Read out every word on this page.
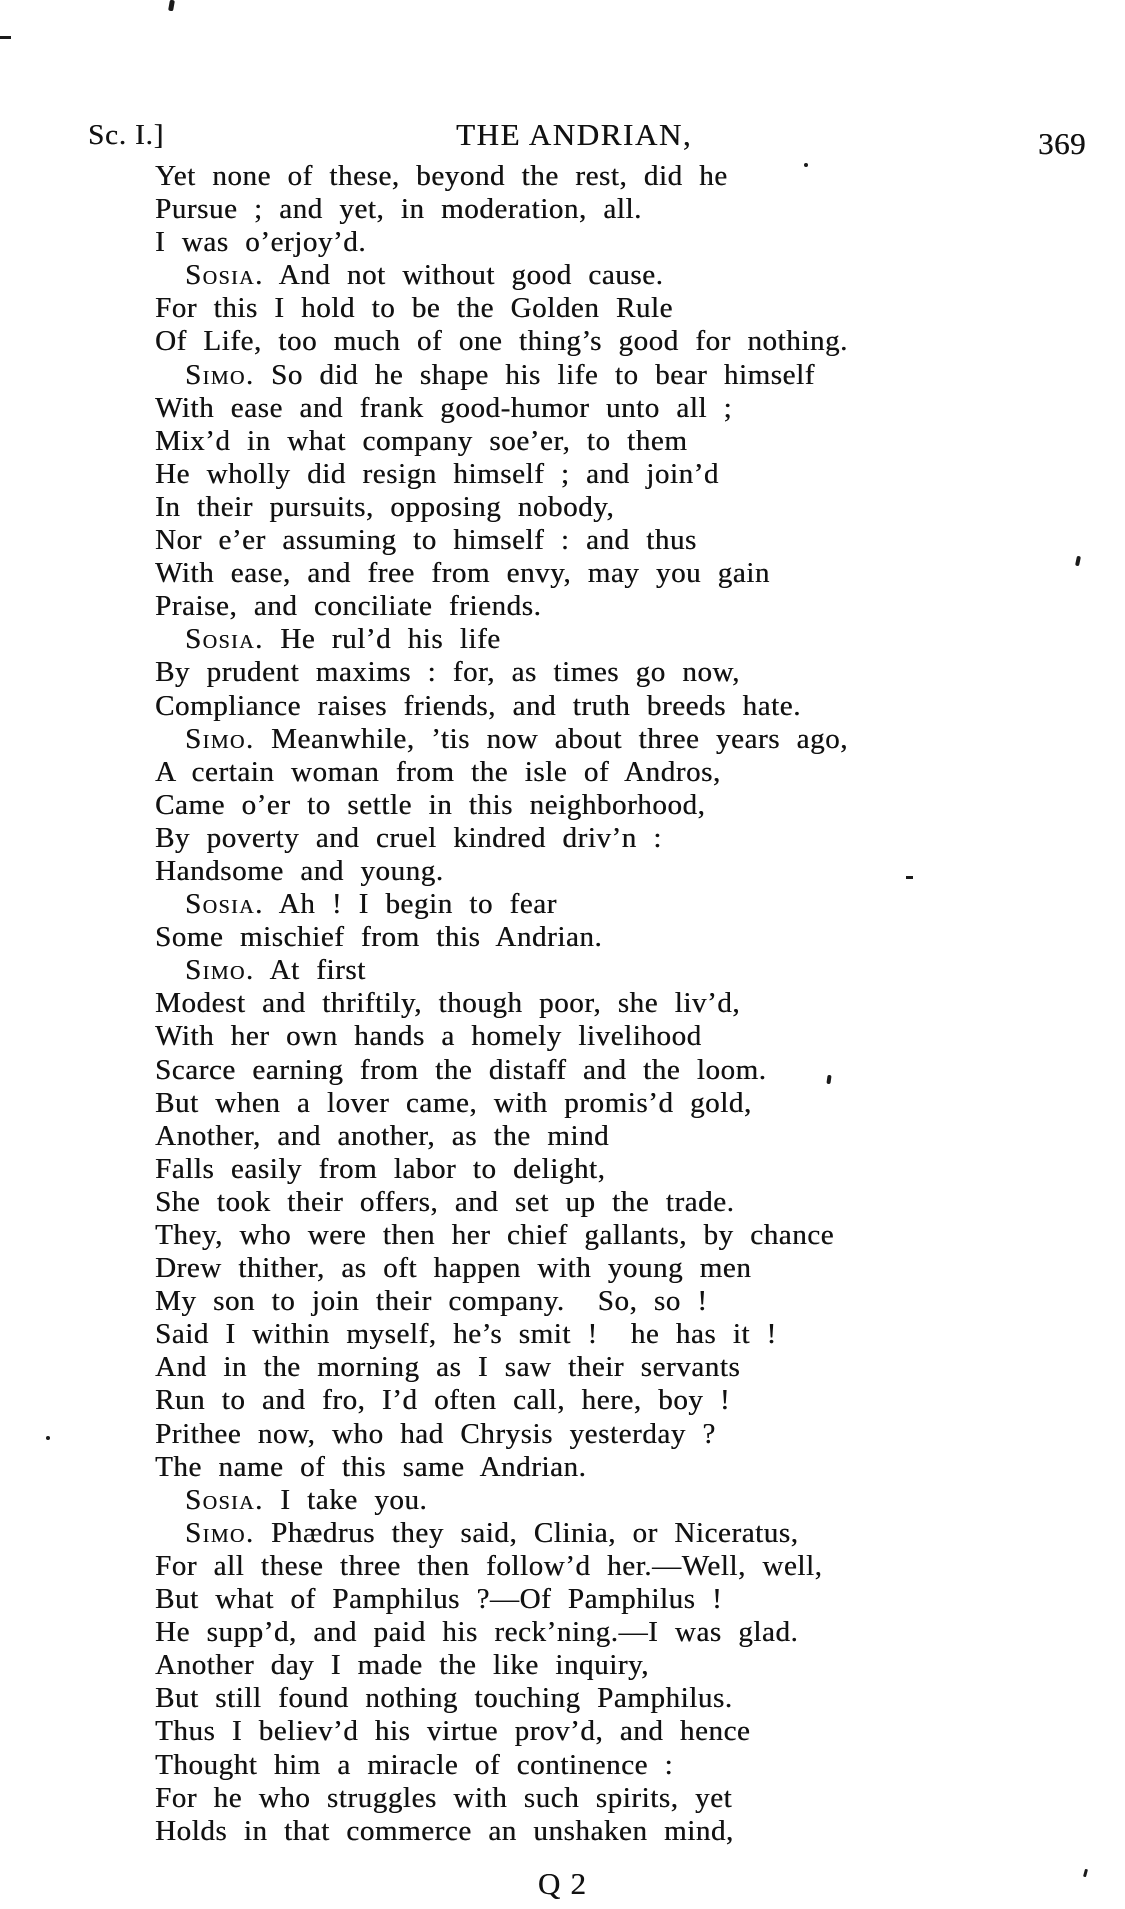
Sc. I.]	THE ANDRIAN,	369
Yet none of these, beyond the rest, did he
Pursue ; and yet, in moderation, all.
I was o’erjoy’d.
Sosia. And not without good cause.
For this I hold to be the Golden Rule
Of Life, too much of one thing’s good for nothing.
Simo. So did he shape his life to bear himself
With ease and frank good-humor unto all ;
Mix’d in what company soe’er, to them
He wholly did resign himself ; and join’d
In their pursuits, opposing nobody,
Nor e’er assuming to himself : and thus
With ease, and free from envy, may you gain
Praise, and conciliate friends.
Sosia. He rul’d his life
By prudent maxims : for, as times go now,
Compliance raises friends, and truth breeds hate.
Simo. Meanwhile, ’tis now about three years ago,
A certain woman from the isle of Andros,
Came o’er to settle in this neighborhood,
By poverty and cruel kindred driv’n :
Handsome and young.
Sosia. Ah ! I begin to fear
Some mischief from this Andrian.
Simo. At first
Modest and thriftily, though poor, she liv’d,
With her own hands a homely livelihood
Scarce earning from the distaff and the loom.
But when a lover came, with promis’d gold,
Another, and another, as the mind
Falls easily from labor to delight,
She took their offers, and set up the trade.
They, who were then her chief gallants, by chance
Drew thither, as oft happen with young men
My son to join their company.  So, so !
Said I within myself, he’s smit !  he has it !
And in the morning as I saw their servants
Run to and fro, I’d often call, here, boy !
Prithee now, who had Chrysis yesterday ?
The name of this same Andrian.
Sosia. I take you.
Simo. Phædrus they said, Clinia, or Niceratus,
For all these three then follow’d her.—Well, well,
But what of Pamphilus ?—Of Pamphilus !
He supp’d, and paid his reck’ning.—I was glad.
Another day I made the like inquiry,
But still found nothing touching Pamphilus.
Thus I believ’d his virtue prov’d, and hence
Thought him a miracle of continence :
For he who struggles with such spirits, yet
Holds in that commerce an unshaken mind,
Q 2
